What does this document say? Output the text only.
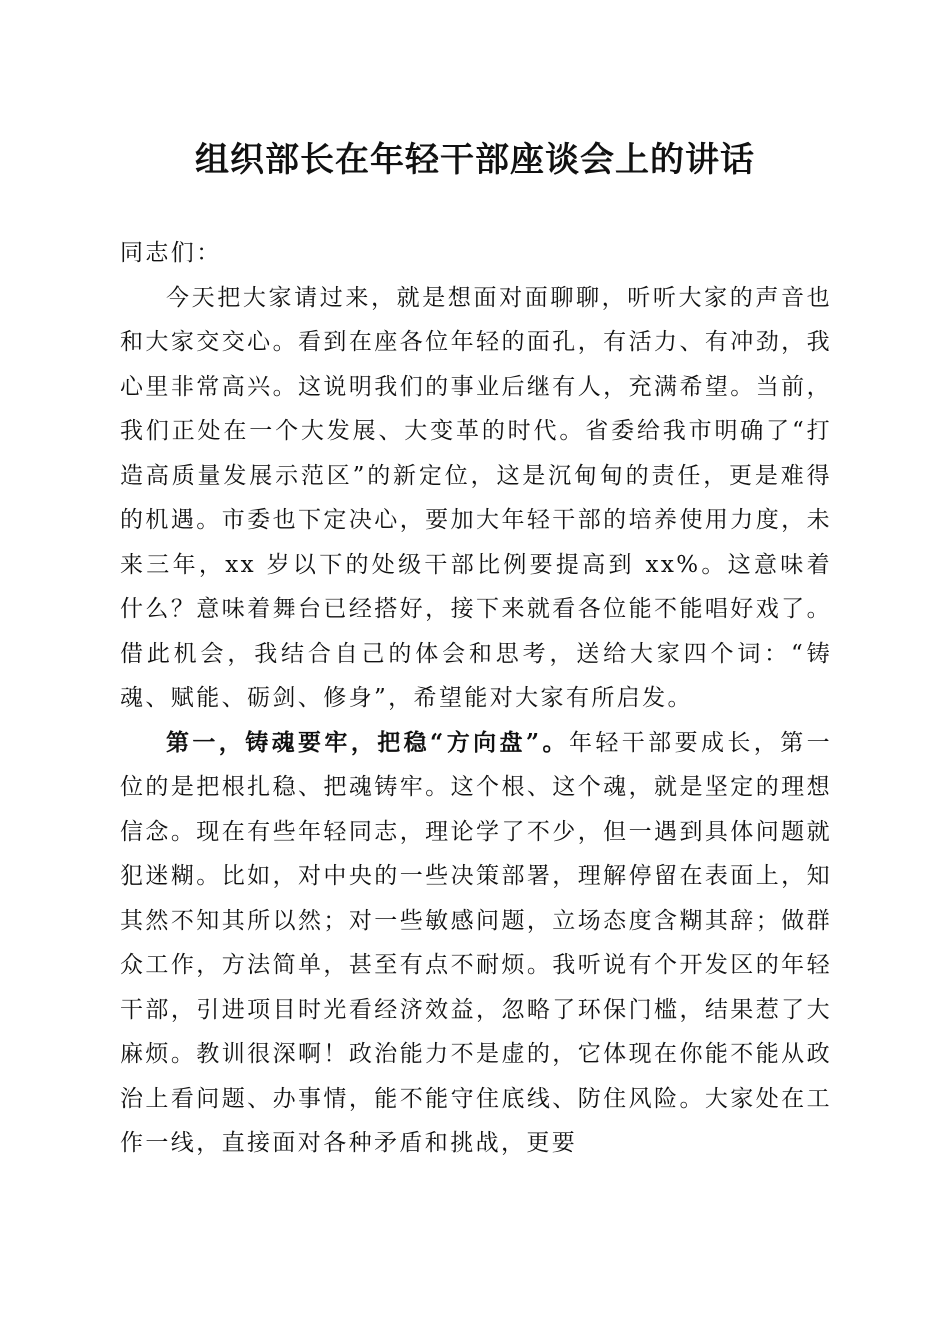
组织部长在年轻干部座谈会上的讲话

同志们：

今天把大家请过来，就是想面对面聊聊，听听大家的声音也和大家交交心。看到在座各位年轻的面孔，有活力、有冲劲，我心里非常高兴。这说明我们的事业后继有人，充满希望。当前，我们正处在一个大发展、大变革的时代。省委给我市明确了“打造高质量发展示范区”的新定位，这是沉甸甸的责任，更是难得的机遇。市委也下定决心，要加大年轻干部的培养使用力度，未来三年，xx 岁以下的处级干部比例要提高到 xx%。这意味着什么？意味着舞台已经搭好，接下来就看各位能不能唱好戏了。借此机会，我结合自己的体会和思考，送给大家四个词：“铸魂、赋能、砺剑、修身”，希望能对大家有所启发。

第一，铸魂要牢，把稳“方向盘”。年轻干部要成长，第一位的是把根扎稳、把魂铸牢。这个根、这个魂，就是坚定的理想信念。现在有些年轻同志，理论学了不少，但一遇到具体问题就犯迷糊。比如，对中央的一些决策部署，理解停留在表面上，知其然不知其所以然；对一些敏感问题，立场态度含糊其辞；做群众工作，方法简单，甚至有点不耐烦。我听说有个开发区的年轻干部，引进项目时光看经济效益，忽略了环保门槛，结果惹了大麻烦。教训很深啊！政治能力不是虚的，它体现在你能不能从政治上看问题、办事情，能不能守住底线、防住风险。大家处在工作一线，直接面对各种矛盾和挑战，更要
